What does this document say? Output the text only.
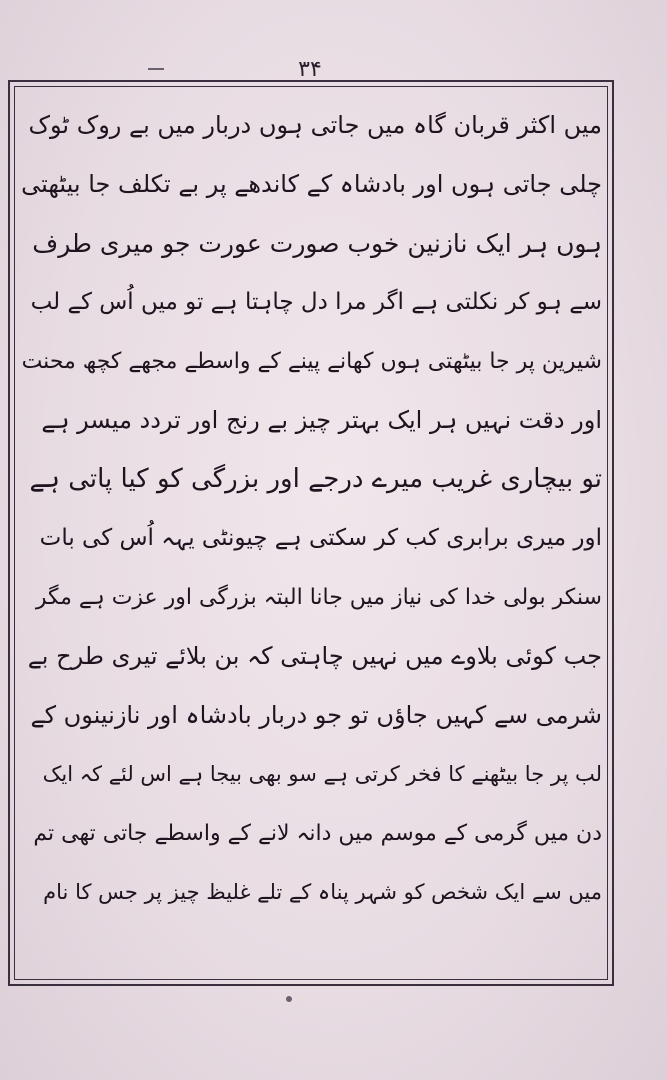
۳۴
میں اکثر قربان گاہ میں جاتی ہوں دربار میں بے روک ٹوک
چلی جاتی ہوں اور بادشاہ کے کاندھے پر بے تکلف جا بیٹھتی
ہوں ہر ایک نازنین خوب صورت عورت جو میری طرف
سے ہو کر نکلتی ہے اگر مرا دل چاہتا ہے تو میں اُس کے لب
شیرین پر جا بیٹھتی ہوں کھانے پینے کے واسطے مجھے کچھ محنت
اور دقت نہیں ہر ایک بہتر چیز بے رنج اور تردد میسر ہے
تو بیچاری غریب میرے درجے اور بزرگی کو کیا پاتی ہے
اور میری برابری کب کر سکتی ہے چیونٹی یہہ اُس کی بات
سنکر بولی خدا کی نیاز میں جانا البتہ بزرگی اور عزت ہے مگر
جب کوئی بلاوے میں نہیں چاہتی کہ بن بلائے تیری طرح بے
شرمی سے کہیں جاؤں تو جو دربار بادشاہ اور نازنینوں کے
لب پر جا بیٹھنے کا فخر کرتی ہے سو بھی بیجا ہے اس لئے کہ ایک
دن میں گرمی کے موسم میں دانہ لانے کے واسطے جاتی تھی تم
میں سے ایک شخص کو شہر پناہ کے تلے غلیظ چیز پر جس کا نام
